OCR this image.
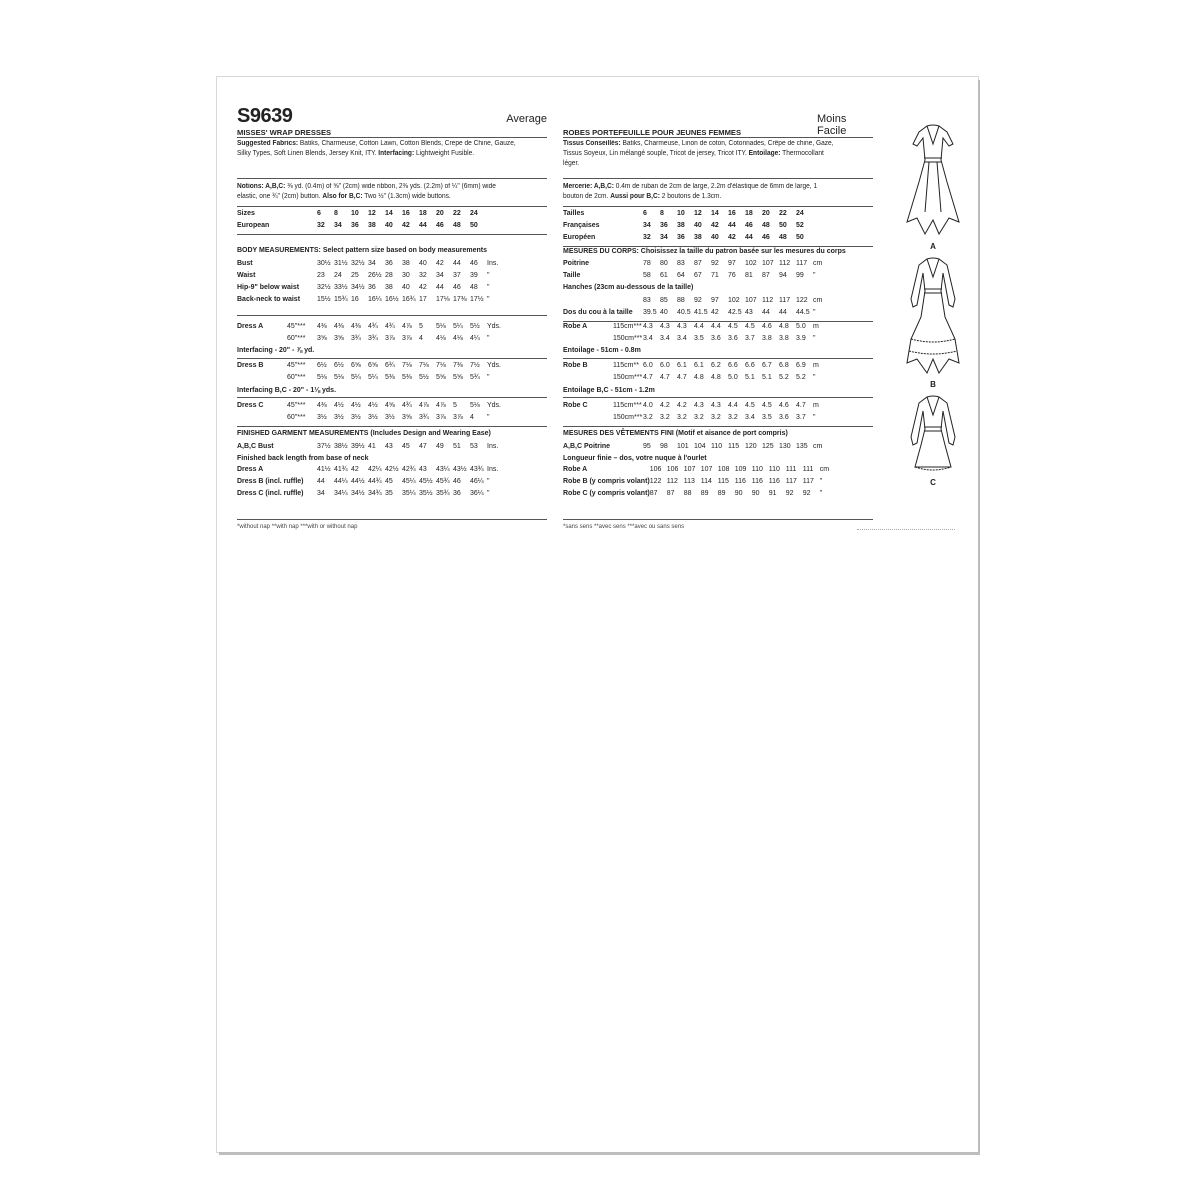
S9639	Average
MISSES' WRAP DRESSES
Suggested Fabrics: Batiks, Charmeuse, Cotton Lawn, Cotton Blends, Crepe de Chine, Gauze,
Silky Types, Soft Linen Blends, Jersey Knit, ITY. Interfacing: Lightweight Fusible.
Notions: A,B,C: ⅜ yd. (0.4m) of ⅝" (2cm) wide ribbon, 2⅜ yds. (2.2m) of ¼" (6mm) wide
elastic, one ¾" (2cm) button. Also for B,C: Two ½" (1.3cm) wide buttons.
Sizes	6	8	10	12	14	16	18	20	22	24
European	32	34	36	38	40	42	44	46	48	50
BODY MEASUREMENTS: Select pattern size based on body measurements
Bust	30½	31½	32½	34	36	38	40	42	44	46	Ins.
Waist	23	24	25	26½	28	30	32	34	37	39	"
Hip-9" below waist	32½	33½	34½	36	38	40	42	44	46	48	"
Back-neck to waist	15½	15¾	16	16¼	16½	16¾	17	17⅛	17⅜	17½	"
Dress A	45"***	4⅜	4⅜	4⅜	4¾	4¾	4⅞	5	5⅛	5¼	5½	Yds.
	60"***	3⅝	3⅝	3¾	3¾	3⅞	3⅞	4	4⅛	4⅛	4¼	"
Interfacing - 20" - ⅞ yd.
Dress B	45"***	6½	6½	6⅝	6⅝	6¾	7⅛	7⅛	7⅛	7⅜	7½	Yds.
	60"***	5⅛	5⅛	5¼	5¼	5⅜	5⅜	5½	5⅝	5⅝	5¾	"
Interfacing B,C - 20" - 1⅛ yds.
Dress C	45"***	4⅜	4½	4½	4½	4⅝	4¾	4⅞	4⅞	5	5⅛	Yds.
	60"***	3½	3½	3½	3½	3½	3⅝	3¾	3⅞	3⅞	4	"
FINISHED GARMENT MEASUREMENTS (Includes Design and Wearing Ease)
A,B,C Bust	37½	38½	39½	41	43	45	47	49	51	53	Ins.
Finished back length from base of neck
Dress A	41½	41¾	42	42¼	42½	42¾	43	43¼	43½	43¾	Ins.
Dress B (incl. ruffle)	44	44¼	44½	44¾	45	45¼	45½	45¾	46	46¼	"
Dress C (incl. ruffle)	34	34¼	34½	34¾	35	35¼	35½	35¾	36	36¼	"
*without nap **with nap ***with or without nap
Moins Facile
ROBES PORTEFEUILLE POUR JEUNES FEMMES
Tissus Conseillés: Batiks, Charmeuse, Linon de coton, Cotonnades, Crêpe de chine, Gaze,
Tissus Soyeux, Lin mélangé souple, Tricot de jersey, Tricot ITY. Entoilage: Thermocollant
léger.
Mercerie: A,B,C: 0.4m de ruban de 2cm de large, 2.2m d'élastique de 6mm de large, 1
bouton de 2cm. Aussi pour B,C: 2 boutons de 1.3cm.
Tailles	6	8	10	12	14	16	18	20	22	24
Françaises	34	36	38	40	42	44	46	48	50	52
Européen	32	34	36	38	40	42	44	46	48	50
MESURES DU CORPS: Choisissez la taille du patron basée sur les mesures du corps
Poitrine	78	80	83	87	92	97	102	107	112	117	cm
Taille	58	61	64	67	71	76	81	87	94	99	"
Hanches (23cm au-dessous de la taille)
	83	85	88	92	97	102	107	112	117	122	cm
Dos du cou à la taille	39.5	40	40.5	41.5	42	42.5	43	44	44	44.5	"
Robe A	115cm***	4.3	4.3	4.3	4.4	4.4	4.5	4.5	4.6	4.8	5.0	m
	150cm***	3.4	3.4	3.4	3.5	3.6	3.6	3.7	3.8	3.8	3.9	"
Entoilage - 51cm - 0.8m
Robe B	115cm**	6.0	6.0	6.1	6.1	6.2	6.6	6.6	6.7	6.8	6.9	m
	150cm***	4.7	4.7	4.7	4.8	4.8	5.0	5.1	5.1	5.2	5.2	"
Entoilage B,C - 51cm - 1.2m
Robe C	115cm***	4.0	4.2	4.2	4.3	4.3	4.4	4.5	4.5	4.6	4.7	m
	150cm***	3.2	3.2	3.2	3.2	3.2	3.2	3.4	3.5	3.6	3.7	"
MESURES DES VÊTEMENTS FINI (Motif et aisance de port compris)
A,B,C Poitrine	95	98	101	104	110	115	120	125	130	135	cm
Longueur finie – dos, votre nuque à l'ourlet
Robe A	106	106	107	107	108	109	110	110	111	111	cm
Robe B (y compris volant)	122	112	113	114	115	116	116	116	117	117	"
Robe C (y compris volant)	87	87	88	89	89	90	90	91	92	92	"
*sans sens **avec sens ***avec ou sans sens
A
B
C
